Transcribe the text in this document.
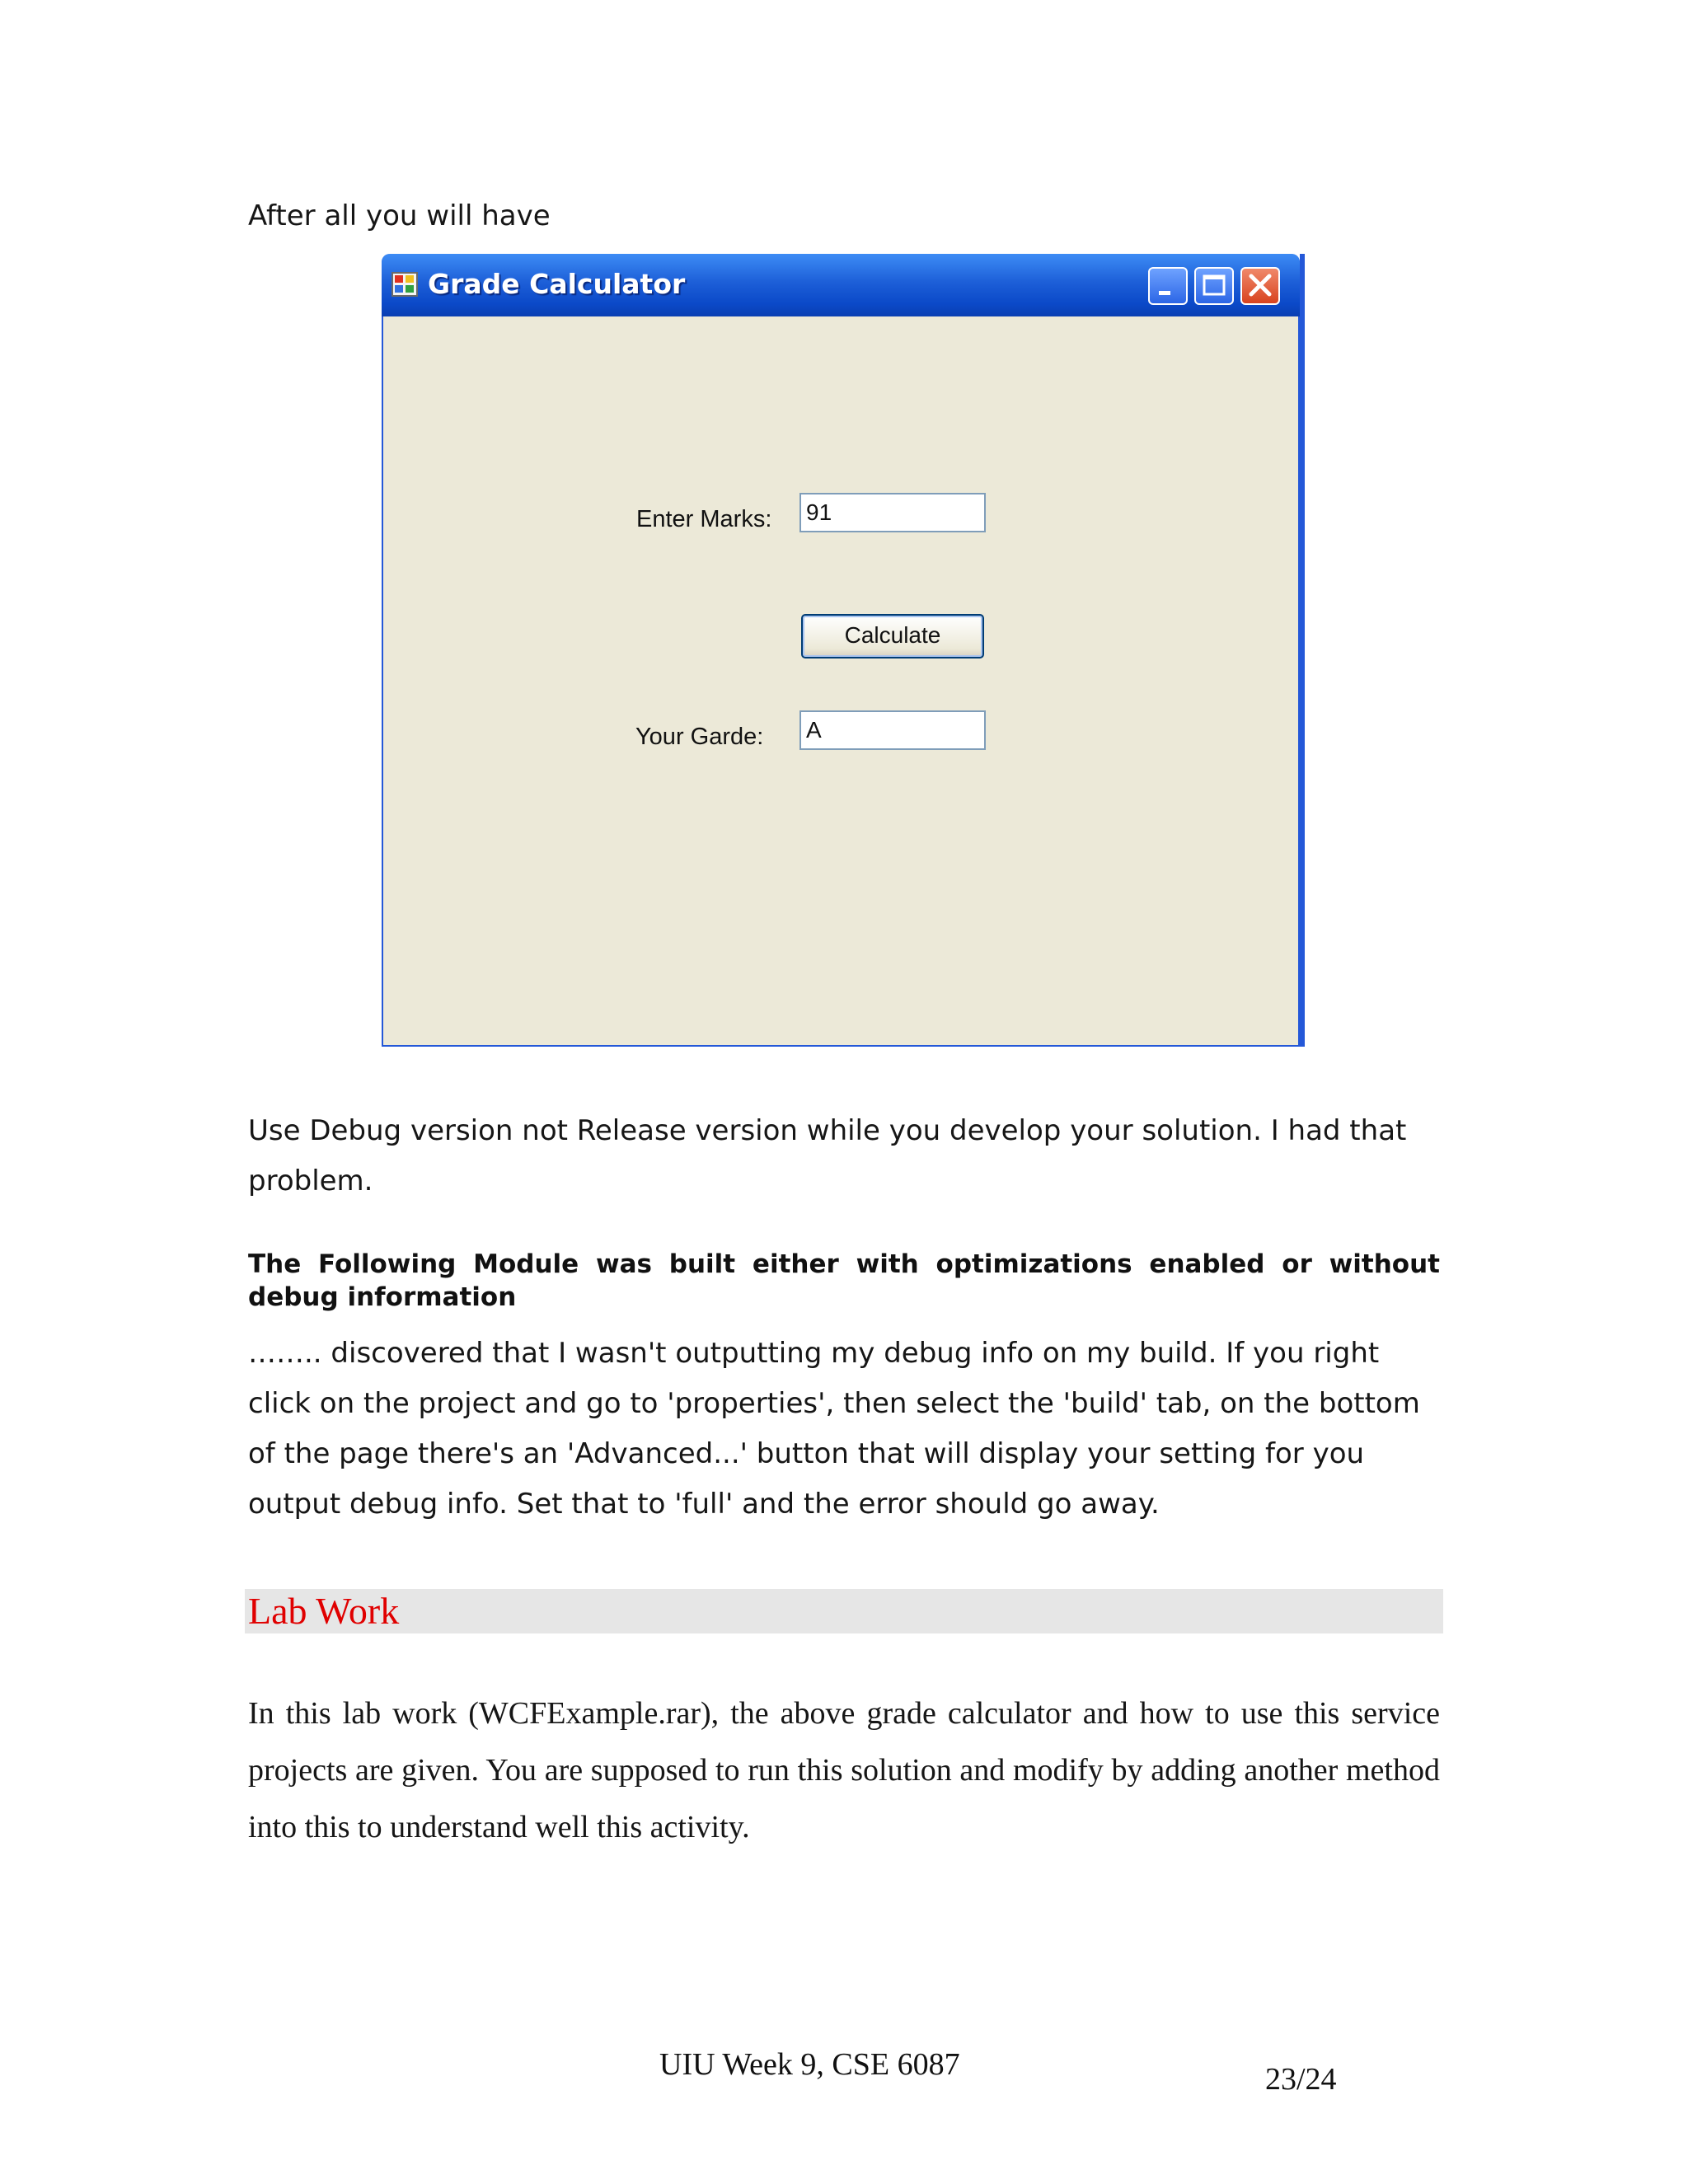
After all you will have
Grade Calculator
Enter Marks: 91
Calculate
Your Garde: A
Use Debug version not Release version while you develop your solution. I had that problem.
The Following Module was built either with optimizations enabled or without debug information
…….. discovered that I wasn't outputting my debug info on my build. If you right click on the project and go to 'properties', then select the 'build' tab, on the bottom of the page there's an 'Advanced...' button that will display your setting for you output debug info. Set that to 'full' and the error should go away.
Lab Work
In this lab work (WCFExample.rar), the above grade calculator and how to use this service projects are given. You are supposed to run this solution and modify by adding another method into this to understand well this activity.
UIU Week 9, CSE 6087	23/24
